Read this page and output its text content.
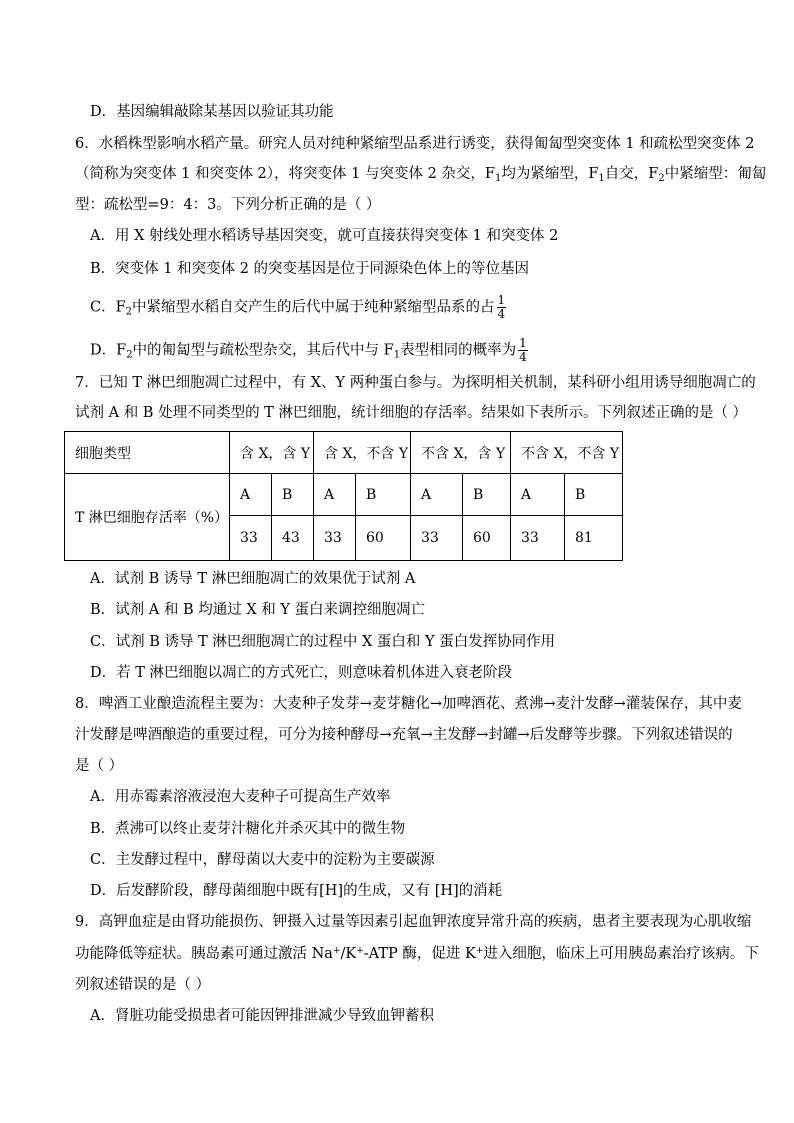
D．基因编辑敲除某基因以验证其功能
6．水稻株型影响水稻产量。研究人员对纯种紧缩型品系进行诱变，获得匍匐型突变体 1 和疏松型突变体 2
（简称为突变体 1 和突变体 2），将突变体 1 与突变体 2 杂交，$F_1$均为紧缩型，$F_1$自交，$F_2$中紧缩型：匍匐
型：疏松型=9：4：3。下列分析正确的是（ ）
A．用 X 射线处理水稻诱导基因突变，就可直接获得突变体 1 和突变体 2
B．突变体 1 和突变体 2 的突变基因是位于同源染色体上的等位基因
C．$F_2$中紧缩型水稻自交产生的后代中属于纯种紧缩型品系的占 $\frac{1}{4}$
D．$F_2$中的匍匐型与疏松型杂交，其后代中与 $F_1$表型相同的概率为 $\frac{1}{4}$
7．已知 T 淋巴细胞凋亡过程中，有 X、Y 两种蛋白参与。为探明相关机制，某科研小组用诱导细胞凋亡的
试剂 A 和 B 处理不同类型的 T 淋巴细胞，统计细胞的存活率。结果如下表所示。下列叙述正确的是（ ）
细胞类型	含 X，含 Y		含 X，不含 Y		不含 X，含 Y		不含 X，不含 Y	
T 淋巴细胞存活率（%）	A	B	A	B	A	B	A	B
	33	43	33	60	33	60	33	81
A．试剂 B 诱导 T 淋巴细胞凋亡的效果优于试剂 A
B．试剂 A 和 B 均通过 X 和 Y 蛋白来调控细胞凋亡
C．试剂 B 诱导 T 淋巴细胞凋亡的过程中 X 蛋白和 Y 蛋白发挥协同作用
D．若 T 淋巴细胞以凋亡的方式死亡，则意味着机体进入衰老阶段
8．啤酒工业酿造流程主要为：大麦种子发芽→麦芽糖化→加啤酒花、煮沸→麦汁发酵→灌装保存，其中麦
汁发酵是啤酒酿造的重要过程，可分为接种酵母→充氧→主发酵→封罐→后发酵等步骤。下列叙述错误的
是（ ）
A．用赤霉素溶液浸泡大麦种子可提高生产效率
B．煮沸可以终止麦芽汁糖化并杀灭其中的微生物
C．主发酵过程中，酵母菌以大麦中的淀粉为主要碳源
D．后发酵阶段，酵母菌细胞中既有[H]的生成，又有 [H]的消耗
9．高钾血症是由肾功能损伤、钾摄入过量等因素引起血钾浓度异常升高的疾病，患者主要表现为心肌收缩
功能降低等症状。胰岛素可通过激活 Na+/K+-ATP 酶，促进 K+进入细胞，临床上可用胰岛素治疗该病。下
列叙述错误的是（ ）
A．肾脏功能受损患者可能因钾排泄减少导致血钾蓄积
